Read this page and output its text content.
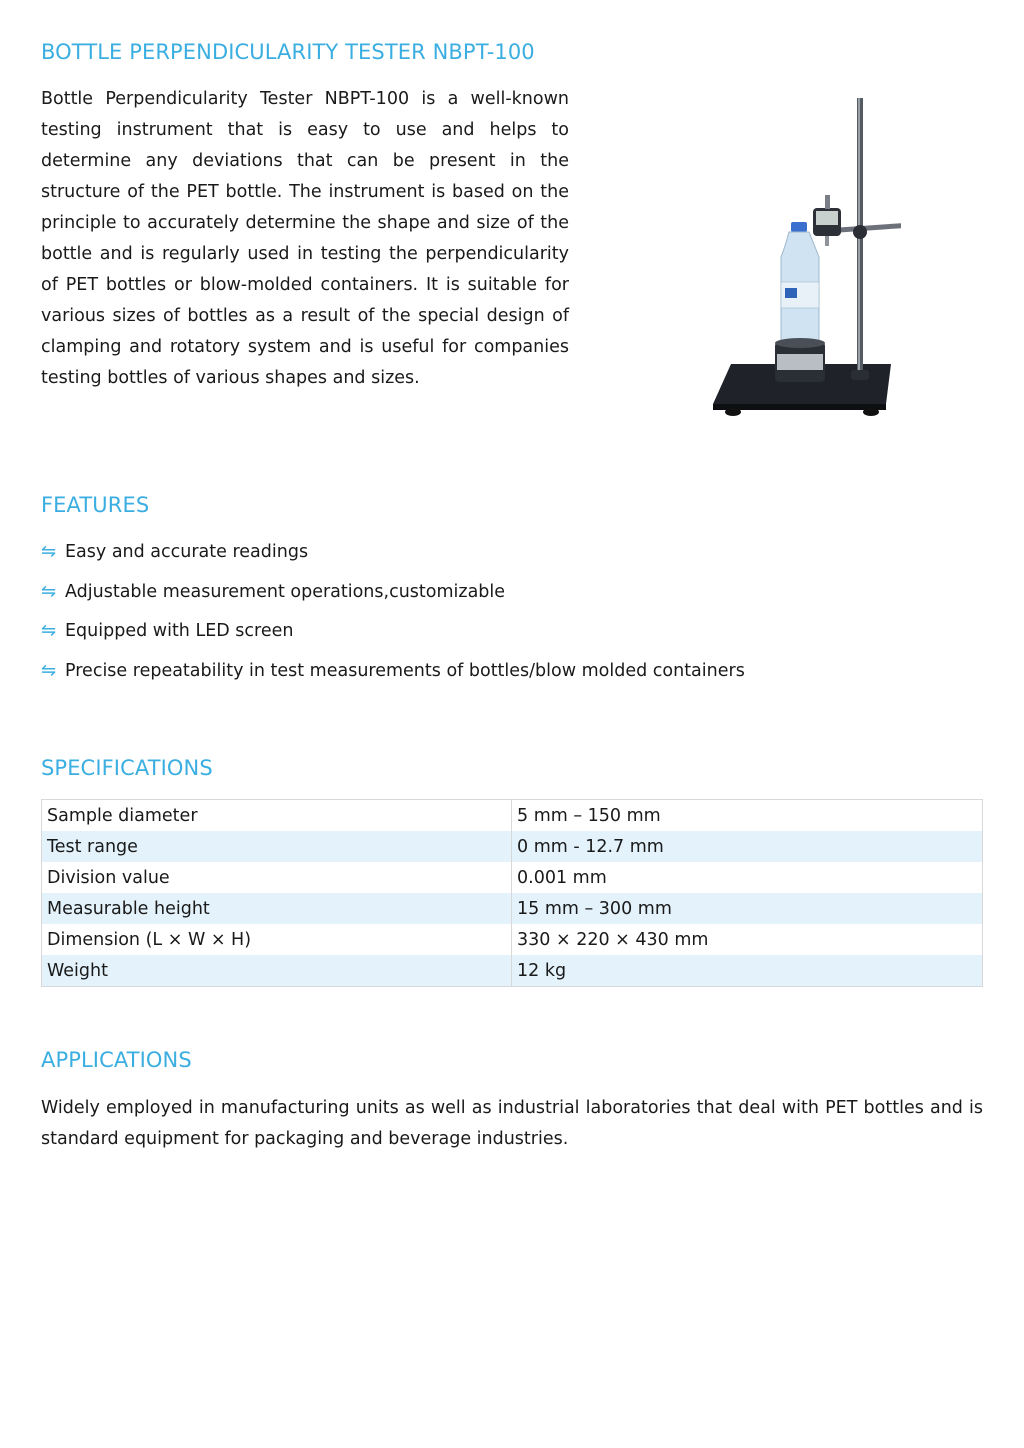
BOTTLE PERPENDICULARITY TESTER NBPT-100

Bottle Perpendicularity Tester NBPT-100 is a well-known testing instrument that is easy to use and helps to determine any deviations that can be present in the structure of the PET bottle. The instrument is based on the principle to accurately determine the shape and size of the bottle and is regularly used in testing the perpendicularity of PET bottles or blow-molded containers. It is suitable for various sizes of bottles as a result of the special design of clamping and rotatory system and is useful for companies testing bottles of various shapes and sizes.

FEATURES
⇋ Easy and accurate readings
⇋ Adjustable measurement operations,customizable
⇋ Equipped with LED screen
⇋ Precise repeatability in test measurements of bottles/blow molded containers
SPECIFICATIONS
Sample diameter	5 mm – 150 mm
Test range	0 mm - 12.7 mm
Division value	0.001 mm
Measurable height	15 mm – 300 mm
Dimension (L × W × H)	330 × 220 × 430 mm
Weight	12 kg
APPLICATIONS

Widely employed in manufacturing units as well as industrial laboratories that deal with PET bottles and is standard equipment for packaging and beverage industries.
